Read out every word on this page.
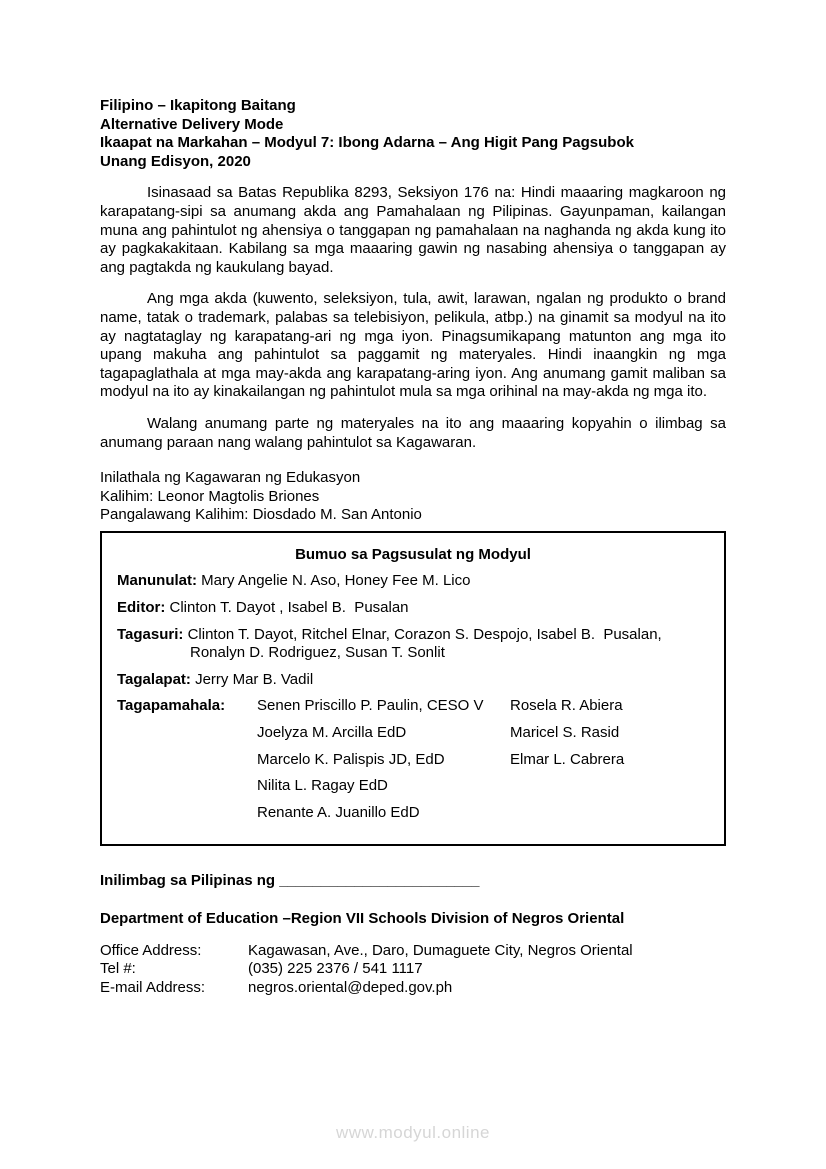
Filipino – Ikapitong Baitang
Alternative Delivery Mode
Ikaapat na Markahan – Modyul 7: Ibong Adarna – Ang Higit Pang Pagsubok
Unang Edisyon, 2020

Isinasaad sa Batas Republika 8293, Seksiyon 176 na: Hindi maaaring magkaroon ng karapatang-sipi sa anumang akda ang Pamahalaan ng Pilipinas. Gayunpaman, kailangan muna ang pahintulot ng ahensiya o tanggapan ng pamahalaan na naghanda ng akda kung ito ay pagkakakitaan. Kabilang sa mga maaaring gawin ng nasabing ahensiya o tanggapan ay ang pagtakda ng kaukulang bayad.

Ang mga akda (kuwento, seleksiyon, tula, awit, larawan, ngalan ng produkto o brand name, tatak o trademark, palabas sa telebisiyon, pelikula, atbp.) na ginamit sa modyul na ito ay nagtataglay ng karapatang-ari ng mga iyon. Pinagsumikapang matunton ang mga ito upang makuha ang pahintulot sa paggamit ng materyales. Hindi inaangkin ng mga tagapaglathala at mga may-akda ang karapatang-aring iyon. Ang anumang gamit maliban sa modyul na ito ay kinakailangan ng pahintulot mula sa mga orihinal na may-akda ng mga ito.

Walang anumang parte ng materyales na ito ang maaaring kopyahin o ilimbag sa anumang paraan nang walang pahintulot sa Kagawaran.

Inilathala ng Kagawaran ng Edukasyon
Kalihim: Leonor Magtolis Briones
Pangalawang Kalihim: Diosdado M. San Antonio
Bumuo sa Pagsusulat ng Modyul
Manunulat: Mary Angelie N. Aso, Honey Fee M. Lico
Editor: Clinton T. Dayot , Isabel B.  Pusalan
Tagasuri: Clinton T. Dayot, Ritchel Elnar, Corazon S. Despojo, Isabel B.  Pusalan,
Ronalyn D. Rodriguez, Susan T. Sonlit
Tagalapat: Jerry Mar B. Vadil
Tagapamahala:	Senen Priscillo P. Paulin, CESO V	Rosela R. Abiera
Joelyza M. Arcilla EdD	Maricel S. Rasid
Marcelo K. Palispis JD, EdD	Elmar L. Cabrera
Nilita L. Ragay EdD
Renante A. Juanillo EdD
Inilimbag sa Pilipinas ng ________________________
Department of Education –Region VII Schools Division of Negros Oriental
Office Address:	Kagawasan, Ave., Daro, Dumaguete City, Negros Oriental
Tel #:	(035) 225 2376 / 541 1117
E-mail Address:	negros.oriental@deped.gov.ph
www.modyul.online
